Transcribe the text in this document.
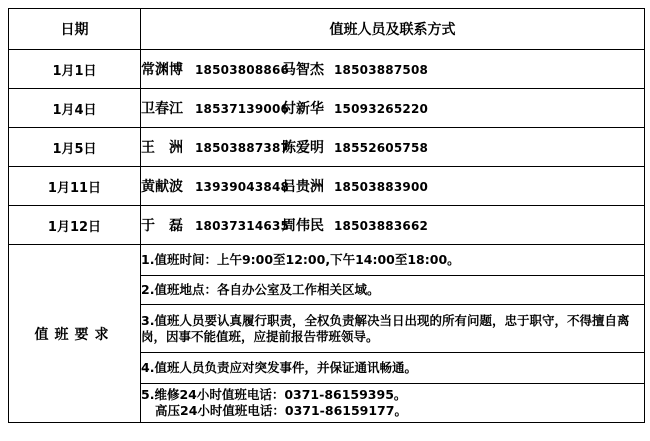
日期	值班人员及联系方式
1月1日	常渊博 18503808866马智杰 18503887508
1月4日	卫春江 18537139006付新华 15093265220
1月5日	王　洲 18503887387陈爱明 18552605758
1月11日	黄献波 13939043848吕贵洲 18503883900
1月12日	于　磊 18037314635周伟民 18503883662
值班要求	1.值班时间：上午9:00至12:00,下午14:00至18:00。
	2.值班地点：各自办公室及工作相关区域。
	3.值班人员要认真履行职责，全权负责解决当日出现的所有问题，忠于职守，不得擅自离岗，因事不能值班，应提前报告带班领导。
	4.值班人员负责应对突发事件，并保证通讯畅通。

	5.维修24小时值班电话：0371-86159395。
高压24小时值班电话：0371-86159177。
